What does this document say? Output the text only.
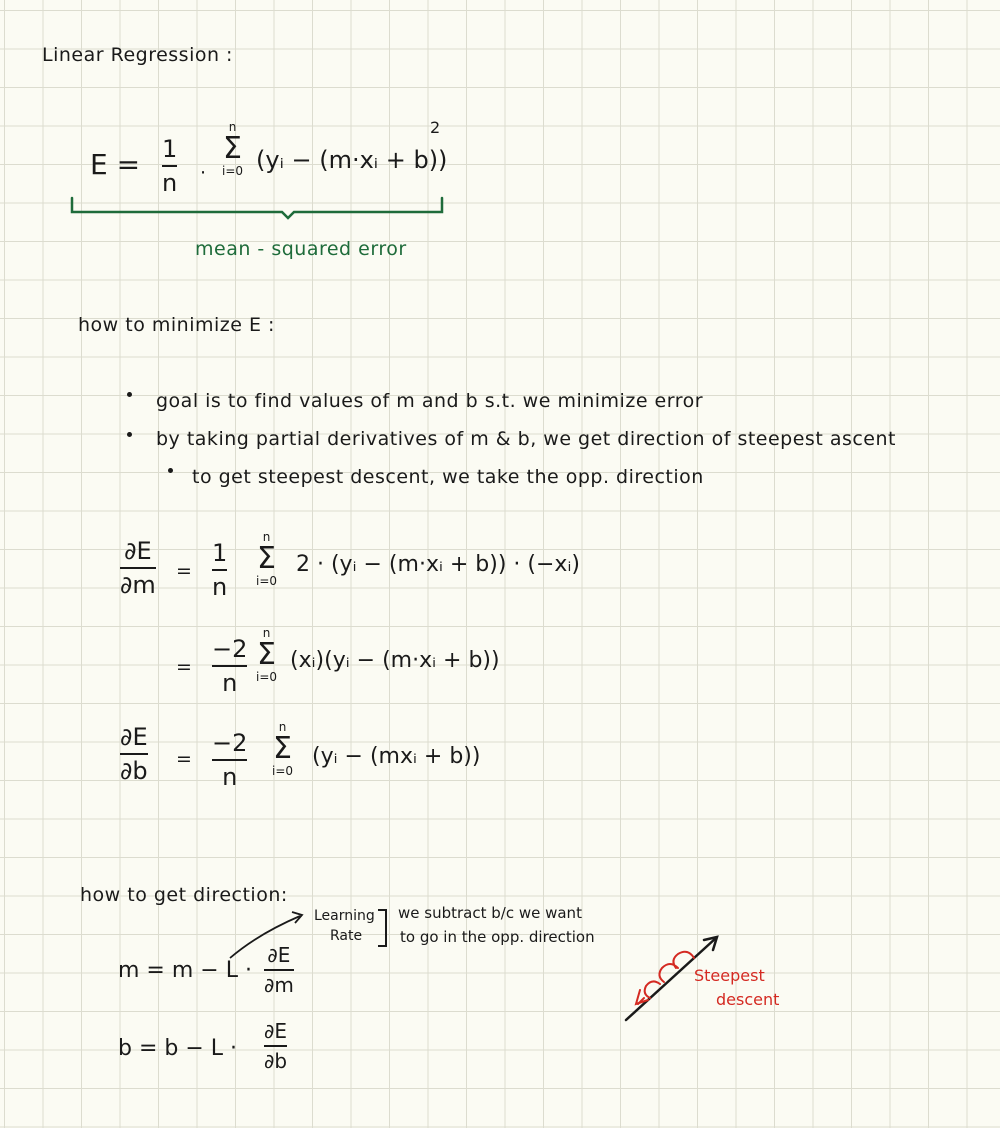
Linear Regression :
E = 1
n ·
n
Σ
i=0 (yᵢ − (m·xᵢ + b))
2
mean - squared error
how to minimize E :
goal is to find values of m and b s.t. we minimize error
by taking partial derivatives of m & b, we get direction of steepest ascent
to get steepest descent, we take the opp. direction
∂E
∂m =
1
n
n
Σ
i=0
2 · (yᵢ − (m·xᵢ + b)) · (−xᵢ)
=
−2
n
n
Σ
i=0
(xᵢ)(yᵢ − (m·xᵢ + b))
∂E
∂b =
−2
n
n
Σ
i=0
(yᵢ − (mxᵢ + b))
how to get direction:
Learning
Rate
we subtract b/c we want
to go in the opp. direction
m = m − L ·
∂E
∂m
b = b − L ·
∂E
∂b
Steepest
descent
